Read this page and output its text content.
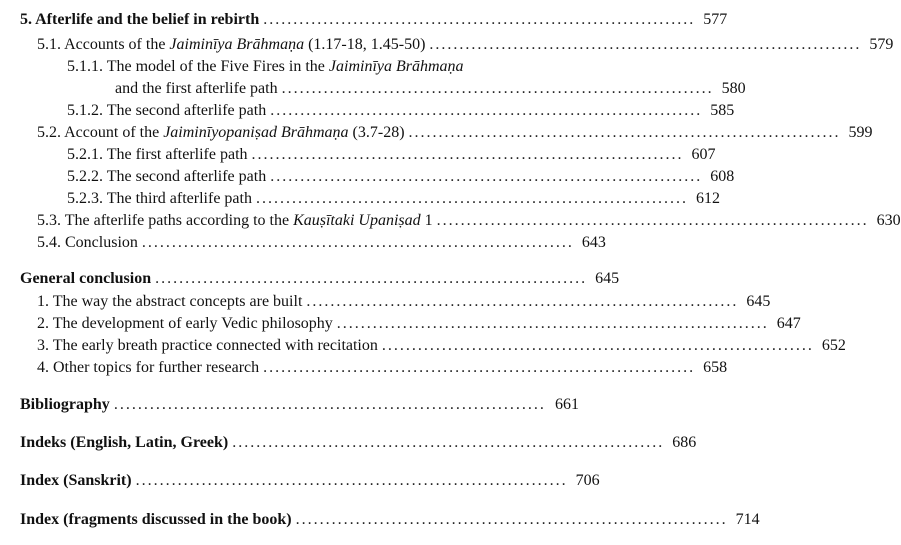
5. Afterlife and the belief in rebirth ........................................................................ 577
5.1. Accounts of the Jaiminīya Brāhmaṇa (1.17-18, 1.45-50) ........................................................................ 579
5.1.1. The model of the Five Fires in the Jaiminīya Brāhmaṇa
and the first afterlife path ........................................................................ 580
5.1.2. The second afterlife path ........................................................................ 585
5.2. Account of the Jaiminīyopaniṣad Brāhmaṇa (3.7-28) ........................................................................ 599
5.2.1. The first afterlife path ........................................................................ 607
5.2.2. The second afterlife path ........................................................................ 608
5.2.3. The third afterlife path ........................................................................ 612
5.3. The afterlife paths according to the Kauṣītaki Upaniṣad 1 ........................................................................ 630
5.4. Conclusion ........................................................................ 643
General conclusion ........................................................................ 645
1. The way the abstract concepts are built ........................................................................ 645
2. The development of early Vedic philosophy ........................................................................ 647
3. The early breath practice connected with recitation ........................................................................ 652
4. Other topics for further research ........................................................................ 658
Bibliography ........................................................................ 661
Indeks (English, Latin, Greek) ........................................................................ 686
Index (Sanskrit) ........................................................................ 706
Index (fragments discussed in the book) ........................................................................ 714
